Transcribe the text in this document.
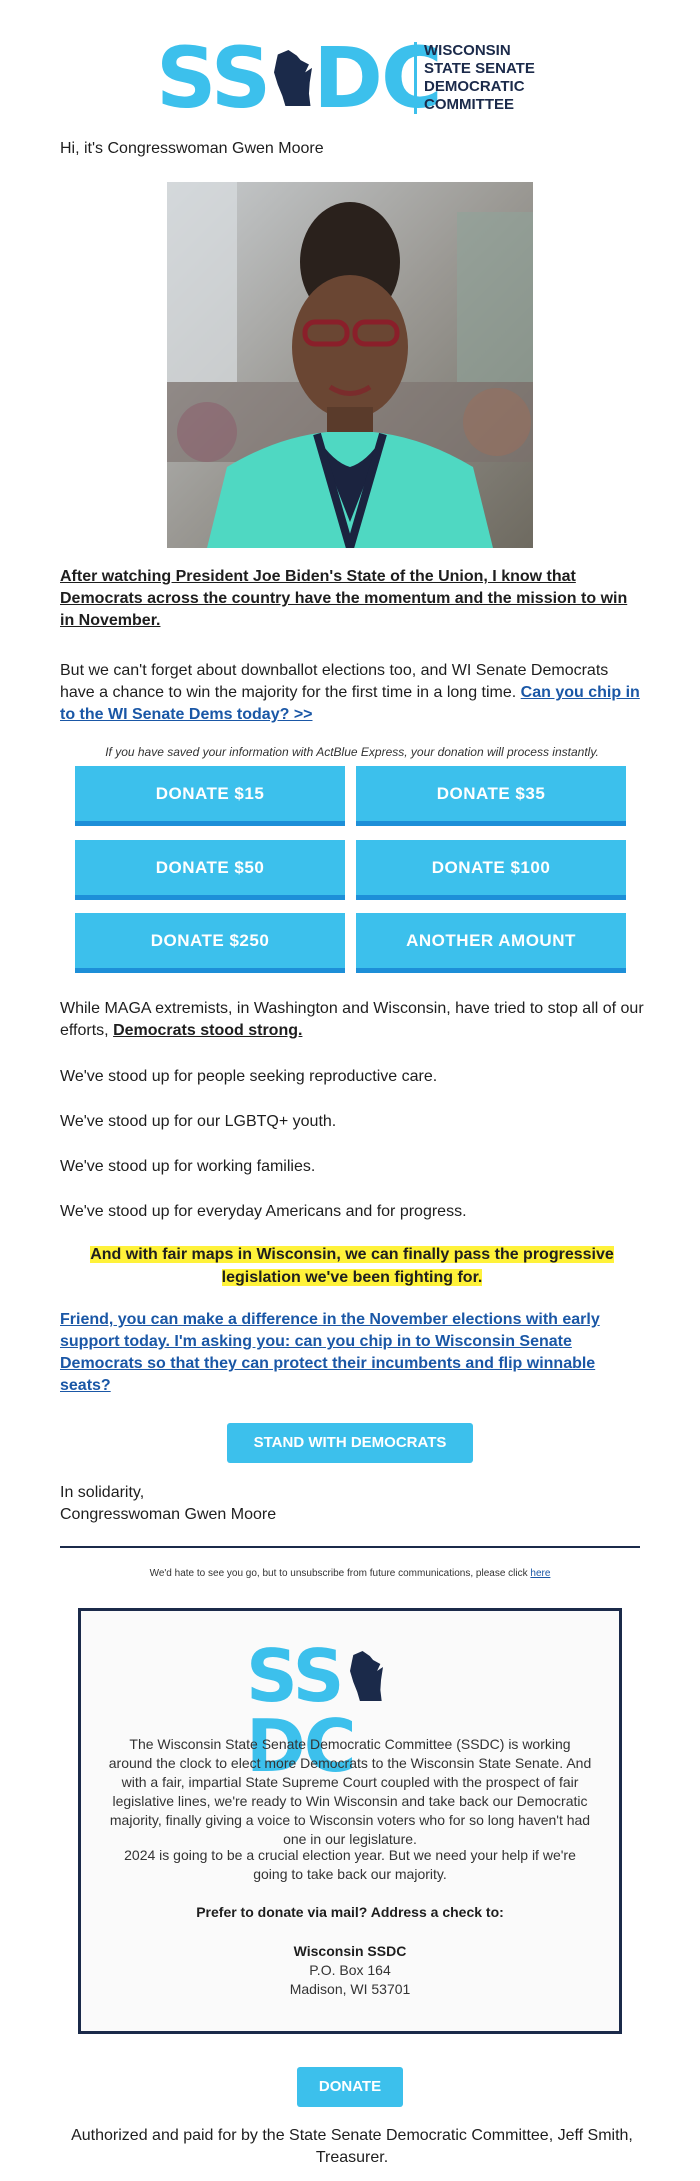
SS DC
WISCONSIN
STATE SENATE
DEMOCRATIC
COMMITTEE
Hi, it's Congresswoman Gwen Moore

After watching President Joe Biden's State of the Union, I know that Democrats across the country have the momentum and the mission to win in November.

But we can't forget about downballot elections too, and WI Senate Democrats have a chance to win the majority for the first time in a long time. Can you chip in to the WI Senate Dems today? >>

If you have saved your information with ActBlue Express, your donation will process instantly.
DONATE $15	DONATE $35
DONATE $50	DONATE $100
DONATE $250	ANOTHER AMOUNT

While MAGA extremists, in Washington and Wisconsin, have tried to stop all of our efforts, Democrats stood strong.

We've stood up for people seeking reproductive care.

We've stood up for our LGBTQ+ youth.

We've stood up for working families.

We've stood up for everyday Americans and for progress.

And with fair maps in Wisconsin, we can finally pass the progressive legislation we've been fighting for.

Friend, you can make a difference in the November elections with early support today. I'm asking you: can you chip in to Wisconsin Senate Democrats so that they can protect their incumbents and flip winnable seats?

STAND WITH DEMOCRATS

In solidarity,

Congresswoman Gwen Moore

We'd hate to see you go, but to unsubscribe from future communications, please click here
SSDC

The Wisconsin State Senate Democratic Committee (SSDC) is working around the clock to elect more Democrats to the Wisconsin State Senate. And with a fair, impartial State Supreme Court coupled with the prospect of fair legislative lines, we're ready to Win Wisconsin and take back our Democratic majority, finally giving a voice to Wisconsin voters who for so long haven't had one in our legislature.

2024 is going to be a crucial election year. But we need your help if we're going to take back our majority.

Prefer to donate via mail? Address a check to:

Wisconsin SSDC

P.O. Box 164

Madison, WI 53701

DONATE
Authorized and paid for by the State Senate Democratic Committee, Jeff Smith, Treasurer.
